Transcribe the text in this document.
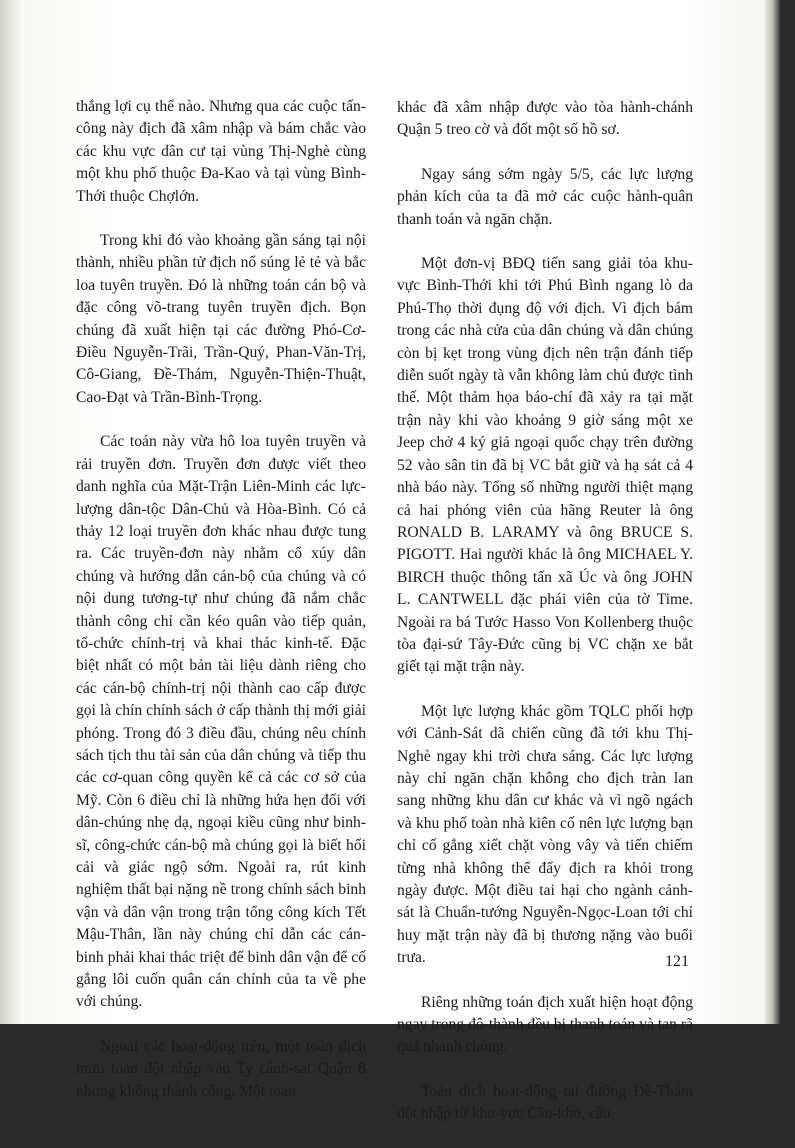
thắng lợi cụ thể nào. Nhưng qua các cuộc tấn-công này địch đã xâm nhập và bám chắc vào các khu vực dân cư tại vùng Thị-Nghè cùng một khu phố thuộc Đa-Kao và tại vùng Bình-Thới thuộc Chợlớn.

Trong khi đó vào khoảng gần sáng tại nội thành, nhiều phần tử địch nổ súng lẻ tẻ và bắc loa tuyên truyền. Đó là những toán cán bộ và đặc công võ-trang tuyên truyền địch. Bọn chúng đã xuất hiện tại các đường Phó-Cơ-Điều Nguyễn-Trãi, Trần-Quý, Phan-Văn-Trị, Cô-Giang, Đề-Thám, Nguyễn-Thiện-Thuật, Cao-Đạt và Trần-Bình-Trọng.

Các toán này vừa hô loa tuyên truyền và rải truyền đơn. Truyền đơn được viết theo danh nghĩa của Mặt-Trận Liên-Minh các lực-lượng dân-tộc Dân-Chủ và Hòa-Bình. Có cả thảy 12 loại truyền đơn khác nhau được tung ra. Các truyền-đơn này nhằm cổ xúy dân chúng và hướng dẫn cán-bộ của chúng và có nội dung tương-tự như chúng đã nắm chắc thành công chỉ cần kéo quân vào tiếp quản, tổ-chức chính-trị và khai thác kinh-tế. Đặc biệt nhất có một bản tài liệu dành riêng cho các cán-bộ chính-trị nội thành cao cấp được gọi là chín chính sách ở cấp thành thị mới giải phóng. Trong đó 3 điều đầu, chúng nêu chính sách tịch thu tài sản của dân chúng và tiếp thu các cơ-quan công quyền kể cả các cơ sở của Mỹ. Còn 6 điều chỉ là những hứa hẹn đối với dân-chúng nhẹ dạ, ngoại kiều cũng như binh-sĩ, công-chức cán-bộ mà chúng gọi là biết hối cải và giác ngộ sớm. Ngoài ra, rút kinh nghiệm thất bại nặng nề trong chính sách binh vận và dân vận trong trận tổng công kích Tết Mậu-Thân, lần này chúng chỉ dẫn các cán-binh phải khai thác triệt để binh dân vận để cố gắng lôi cuốn quân cán chính của ta về phe với chúng.

Ngoài các hoạt-động trên, một toán địch mưu toan đột nhập vào Ty cảnh-sát Quận 8 nhưng không thành công. Một toán

khác đã xâm nhập được vào tòa hành-chánh Quận 5 treo cờ và đốt một số hồ sơ.

Ngay sáng sớm ngày 5/5, các lực lượng phản kích của ta đã mở các cuộc hành-quân thanh toán và ngăn chặn.

Một đơn-vị BĐQ tiến sang giải tỏa khu-vực Bình-Thới khi tới Phú Bình ngang lò da Phú-Thọ thời đụng độ với địch. Vì địch bám trong các nhà cửa của dân chúng và dân chúng còn bị kẹt trong vùng địch nên trận đánh tiếp diễn suốt ngày tà vẫn không làm chủ được tình thế. Một thảm họa báo-chí đã xảy ra tại mặt trận này khi vào khoảng 9 giờ sáng một xe Jeep chở 4 ký giả ngoại quốc chạy trên đường 52 vào sân tin đã bị VC bắt giữ và hạ sát cả 4 nhà báo này. Tổng số những người thiệt mạng cả hai phóng viên của hãng Reuter là ông RONALD B. LARAMY và ông BRUCE S. PIGOTT. Hai người khác là ông MICHAEL Y. BIRCH thuộc thông tấn xã Úc và ông JOHN L. CANTWELL đặc phái viên của tờ Time. Ngoài ra bá Tước Hasso Von Kollenberg thuộc tòa đại-sứ Tây-Đức cũng bị VC chặn xe bắt giết tại mặt trận này.

Một lực lượng khác gồm TQLC phối hợp với Cảnh-Sát dã chiến cũng đã tới khu Thị-Nghè ngay khi trời chưa sáng. Các lực lượng này chỉ ngăn chặn không cho địch tràn lan sang những khu dân cư khác và vì ngõ ngách và khu phố toàn nhà kiên cố nên lực lượng bạn chỉ cố gắng xiết chặt vòng vây và tiến chiếm từng nhà không thể đẩy địch ra khỏi trong ngày được. Một điều tai hại cho ngành cảnh-sát là Chuẩn-tướng Nguyễn-Ngọc-Loan tới chỉ huy mặt trận này đã bị thương nặng vào buổi trưa.

Riêng những toán địch xuất hiện hoạt động ngay trong đô-thành đều bị thanh toán và tan rã quá nhanh chóng.

Toán địch hoạt-động tại đường Đề-Thám đột nhập từ khu-vực Cầu-kho, cầu

121
